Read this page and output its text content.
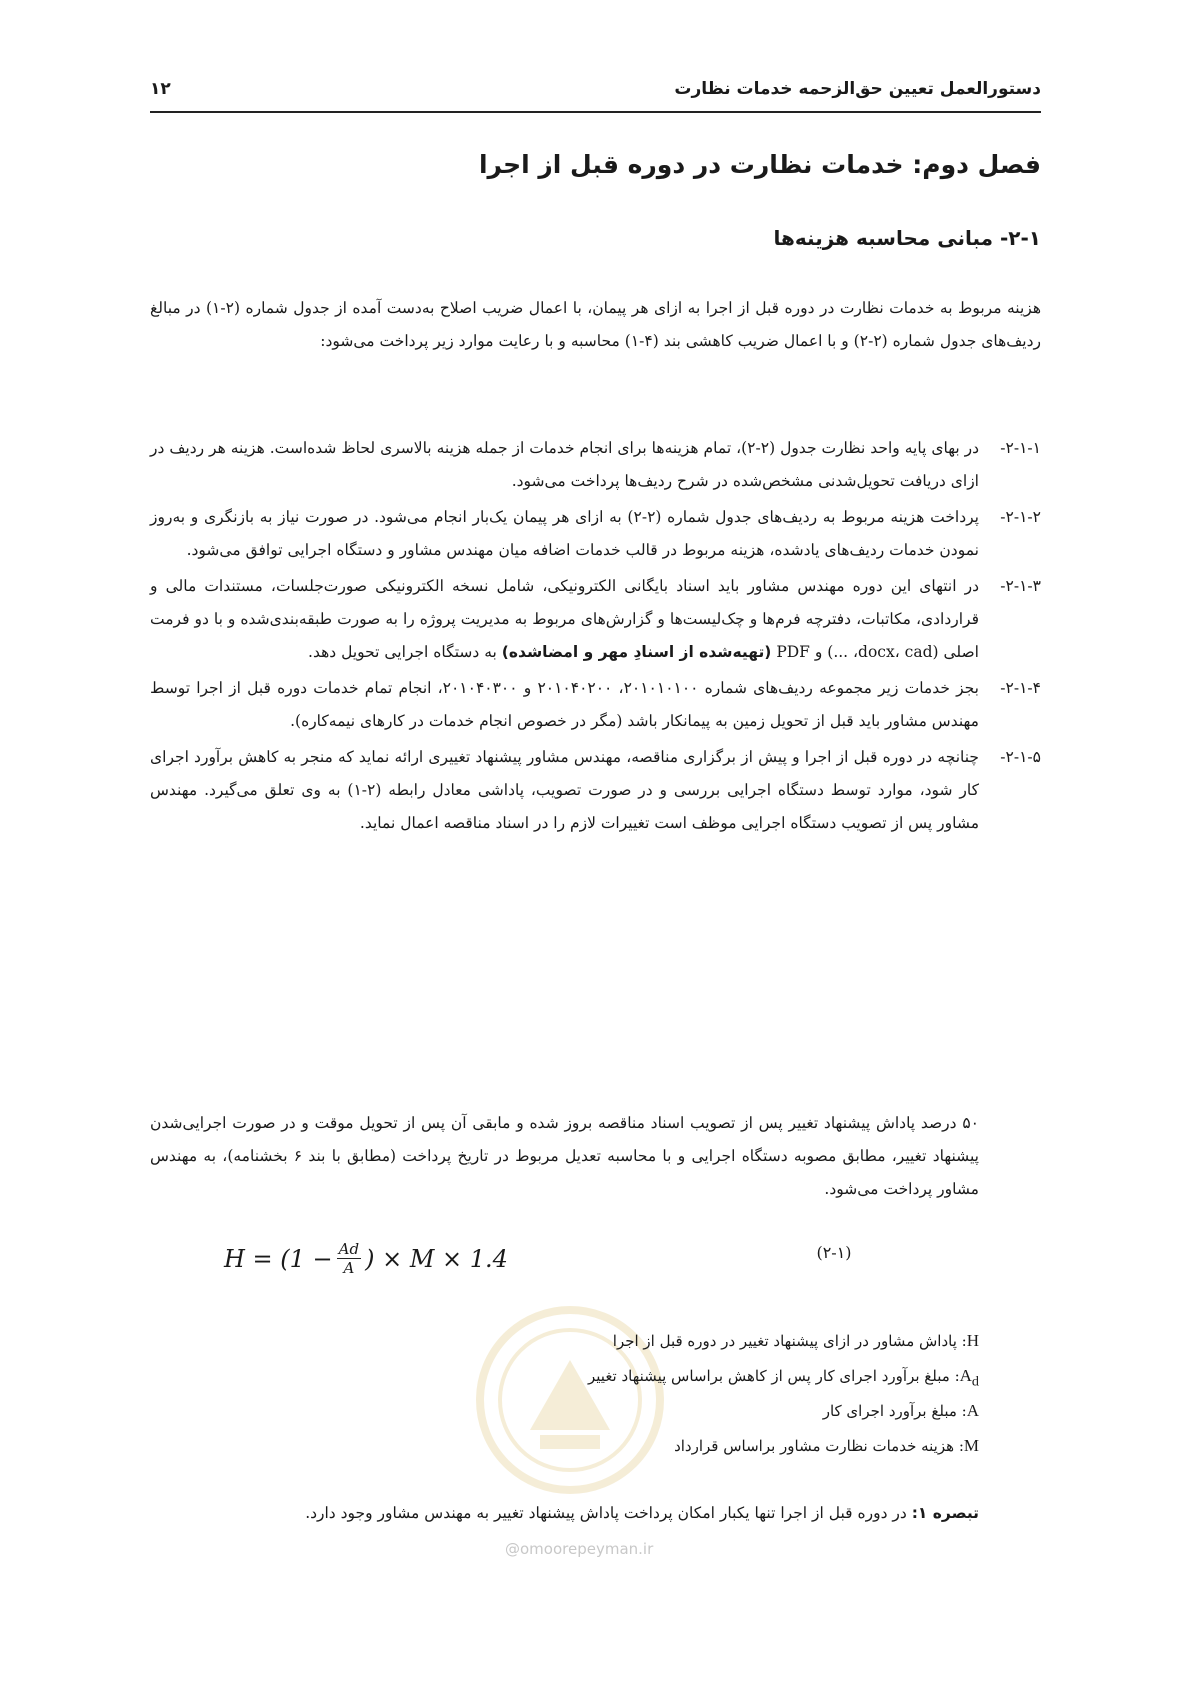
دستورالعمل تعیین حق‌الزحمه خدمات نظارت
۱۲
فصل دوم: خدمات نظارت در دوره قبل از اجرا
۲-۱- مبانی محاسبه هزینه‌ها

هزینه مربوط به خدمات نظارت در دوره قبل از اجرا به ازای هر پیمان، با اعمال ضریب اصلاح به‌دست آمده از جدول شماره (۲-۱) در مبالغ ردیف‌های جدول شماره (۲-۲) و با اعمال ضریب کاهشی بند (۴-۱) محاسبه و با رعایت موارد زیر پرداخت می‌شود:

۲-۱-۱-

در بهای پایه واحد نظارت جدول (۲-۲)، تمام هزینه‌ها برای انجام خدمات از جمله هزینه بالاسری لحاظ شده‌است. هزینه هر ردیف در ازای دریافت تحویل‌شدنی مشخص‌شده در شرح ردیف‌ها پرداخت می‌شود.

۲-۱-۲-

پرداخت هزینه مربوط به ردیف‌های جدول شماره (۲-۲) به ازای هر پیمان یک‌بار انجام می‌شود. در صورت نیاز به بازنگری و به‌روز نمودن خدمات ردیف‌های یادشده، هزینه مربوط در قالب خدمات اضافه میان مهندس مشاور و دستگاه اجرایی توافق می‌شود.

۲-۱-۳-

در انتهای این دوره مهندس مشاور باید اسناد بایگانی الکترونیکی، شامل نسخه الکترونیکی صورت‌جلسات، مستندات مالی و قراردادی، مکاتبات، دفترچه فرم‌ها و چک‌لیست‌ها و گزارش‌های مربوط به مدیریت پروژه را به صورت طبقه‌بندی‌شده و با دو فرمت اصلی (docx، cad، ...) و PDF (تهیه‌شده از اسنادِ مهر و امضاشده) به دستگاه اجرایی تحویل دهد.

۲-۱-۴-

بجز خدمات زیر مجموعه ردیف‌های شماره ۲۰۱۰۱۰۱۰۰، ۲۰۱۰۴۰۲۰۰ و ۲۰۱۰۴۰۳۰۰، انجام تمام خدمات دوره قبل از اجرا توسط مهندس مشاور باید قبل از تحویل زمین به پیمانکار باشد (مگر در خصوص انجام خدمات در کارهای نیمه‌کاره).

۲-۱-۵-

چنانچه در دوره قبل از اجرا و پیش از برگزاری مناقصه، مهندس مشاور پیشنهاد تغییری ارائه نماید که منجر به کاهش برآورد اجرای کار شود، موارد توسط دستگاه اجرایی بررسی و در صورت تصویب، پاداشی معادل رابطه (۲-۱) به وی تعلق می‌گیرد. مهندس مشاور پس از تصویب دستگاه اجرایی موظف است تغییرات لازم را در اسناد مناقصه اعمال نماید.

۵۰ درصد پاداش پیشنهاد تغییر پس از تصویب اسناد مناقصه بروز شده و مابقی آن پس از تحویل موقت و در صورت اجرایی‌شدن پیشنهاد تغییر، مطابق مصوبه دستگاه اجرایی و با محاسبه تعدیل مربوط در تاریخ پرداخت (مطابق با بند ۶ بخشنامه)، به مهندس مشاور پرداخت می‌شود.

$H = (1 - \frac{Ad}{A}$ ) × M × 1.4	(۲-۱)
H: پاداش مشاور در ازای پیشنهاد تغییر در دوره قبل از اجرا
$A_d$: مبلغ برآورد اجرای کار پس از کاهش براساس پیشنهاد تغییر
A: مبلغ برآورد اجرای کار
M: هزینه خدمات نظارت مشاور براساس قرارداد

تبصره ۱: در دوره قبل از اجرا تنها یکبار امکان پرداخت پاداش پیشنهاد تغییر به مهندس مشاور وجود دارد.

@omoorepeyman.ir
